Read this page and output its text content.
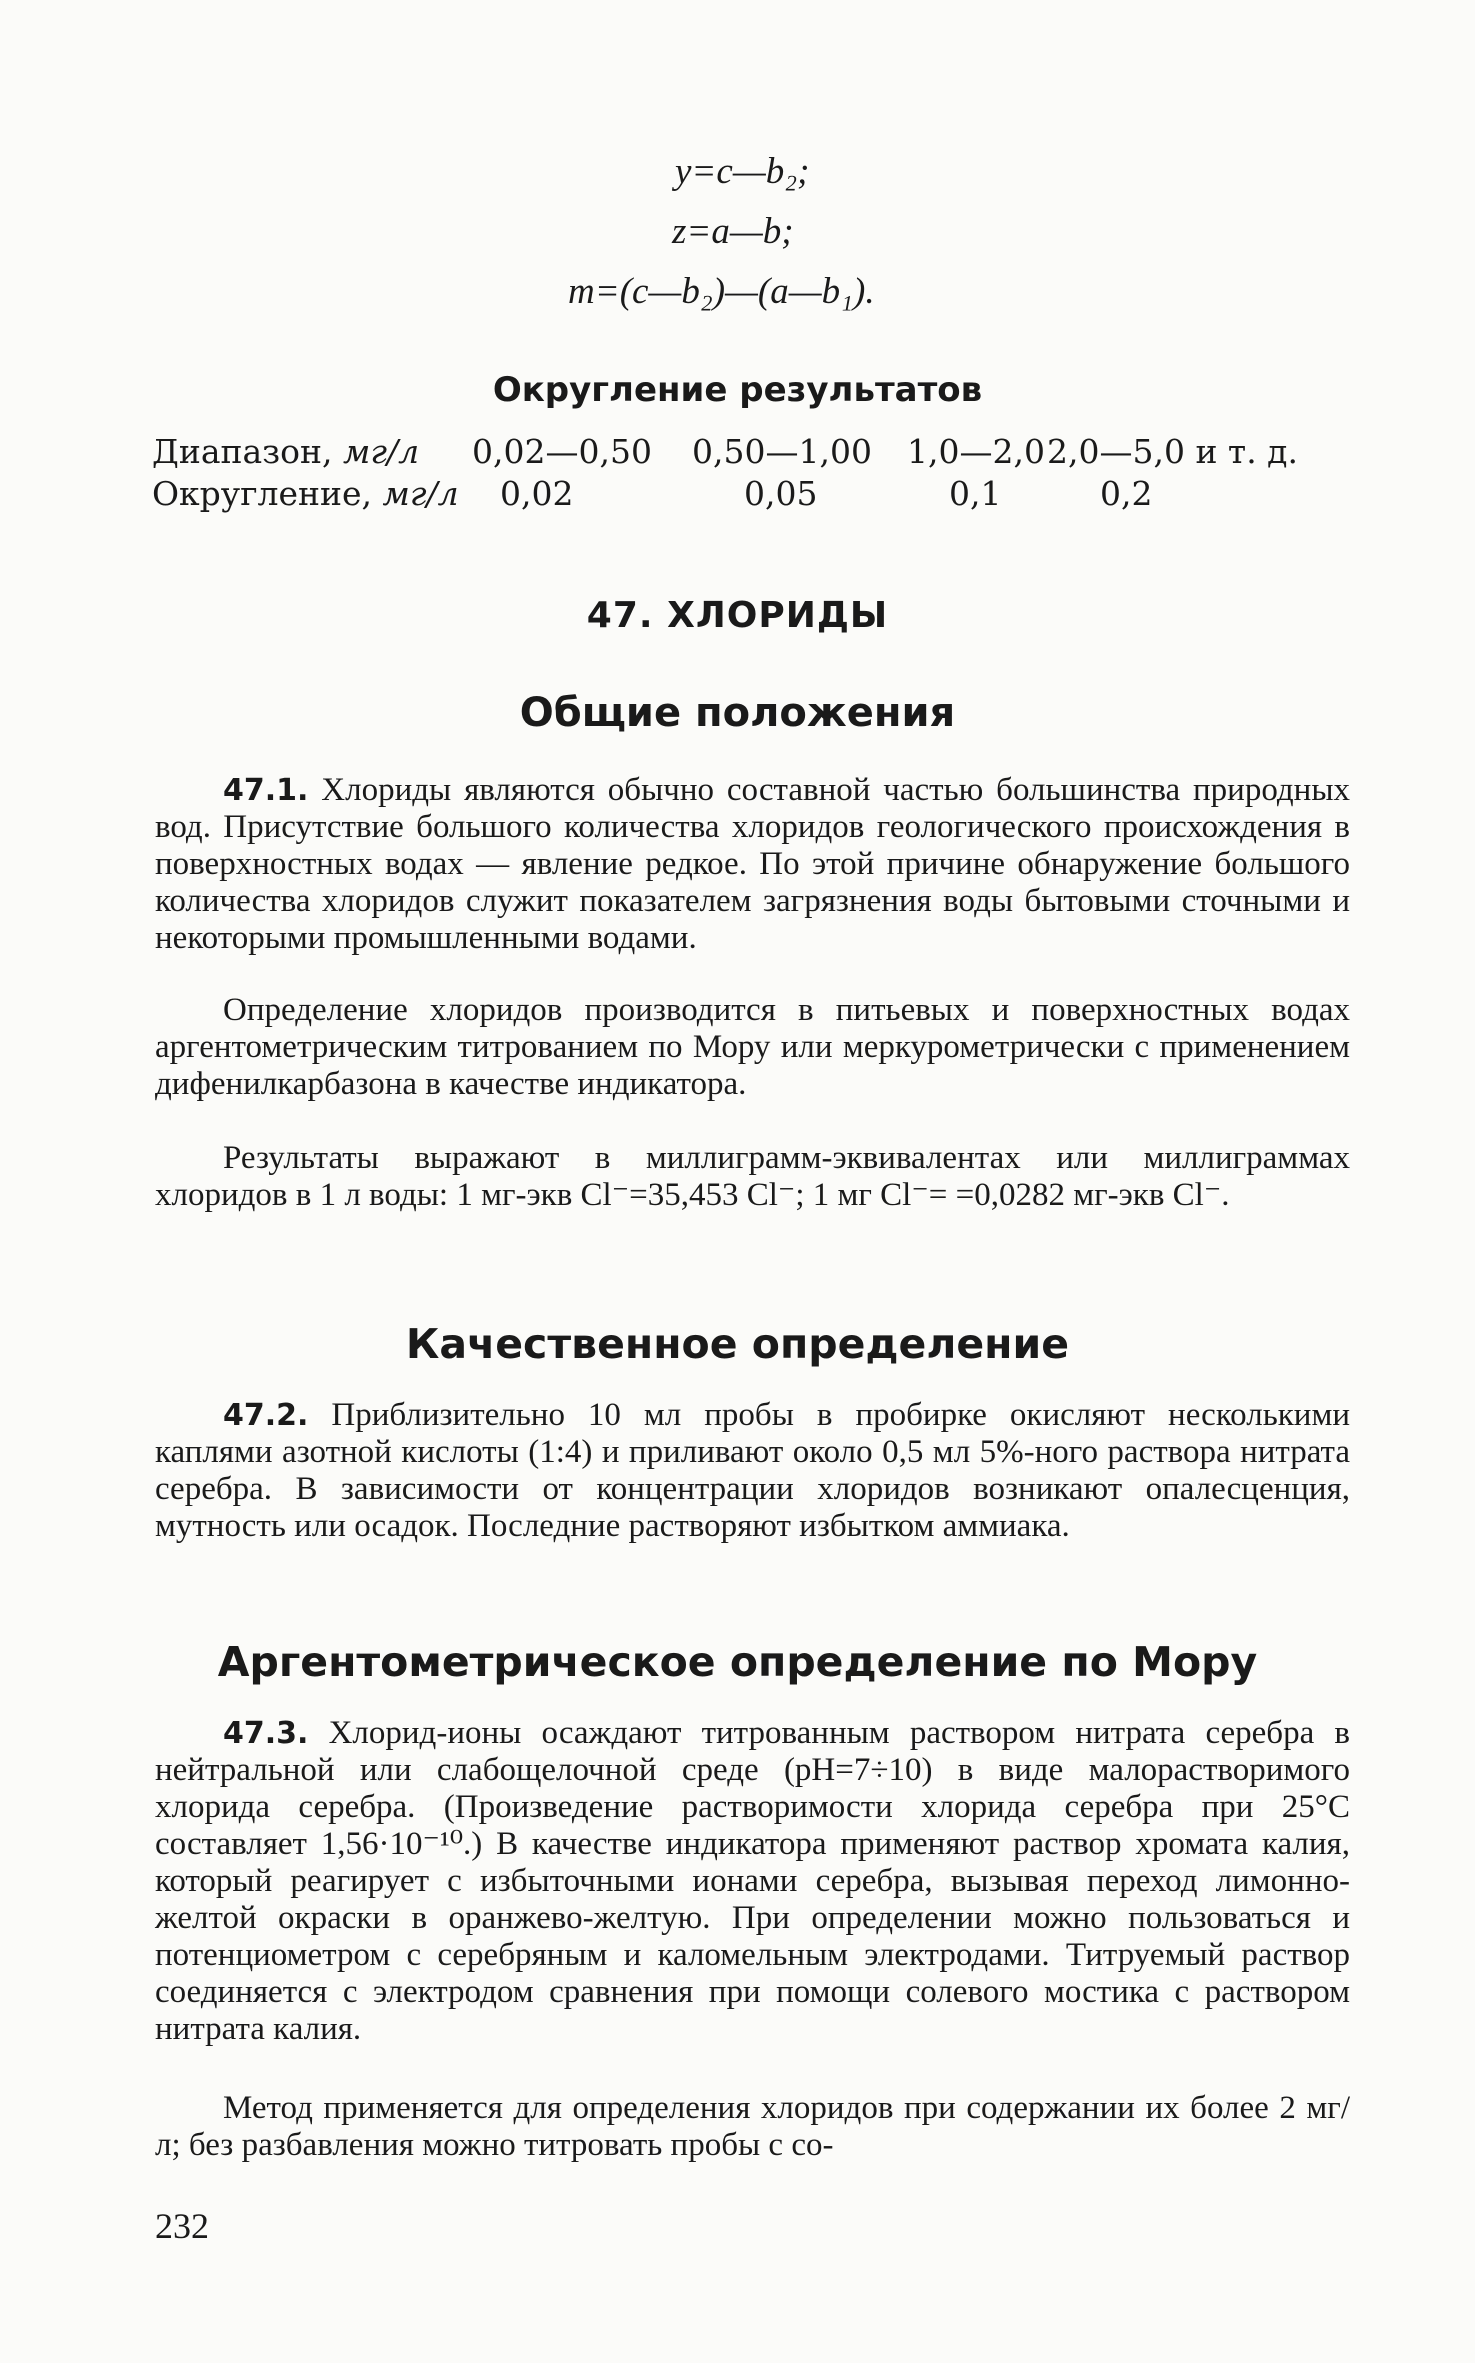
y=c—b₂;
z=a—b;
m=(c—b₂)—(a—b₁).
Округление результатов
Диапазон, мг/л 0,02—0,50 0,50—1,00 1,0—2,0 2,0—5,0 и т. д.
Округление, мг/л 0,02	0,05	0,1	0,2
47. ХЛОРИДЫ
Общие положения
47.1. Хлориды являются обычно составной частью большинства природных вод. Присутствие большого количества хлоридов геологического происхождения в поверхностных водах — явление редкое. По этой причине обнаружение большого количества хлоридов служит показателем загрязнения воды бытовыми сточными и некоторыми промышленными водами.
Определение хлоридов производится в питьевых и поверхностных водах аргентометрическим титрованием по Мору или меркурометрически с применением дифенилкарбазона в качестве индикатора.
Результаты выражают в миллиграмм-эквивалентах или миллиграммах хлоридов в 1 л воды: 1 мг-экв Cl⁻=35,453 Cl⁻; 1 мг Cl⁻= =0,0282 мг-экв Cl⁻.
Качественное определение
47.2. Приблизительно 10 мл пробы в пробирке окисляют несколькими каплями азотной кислоты (1:4) и приливают около 0,5 мл 5%-ного раствора нитрата серебра. В зависимости от концентрации хлоридов возникают опалесценция, мутность или осадок. Последние растворяют избытком аммиака.
Аргентометрическое определение по Мору
47.3. Хлорид-ионы осаждают титрованным раствором нитрата серебра в нейтральной или слабощелочной среде (pH=7÷10) в виде малорастворимого хлорида серебра. (Произведение растворимости хлорида серебра при 25°C составляет 1,56·10⁻¹⁰.) В качестве индикатора применяют раствор хромата калия, который реагирует с избыточными ионами серебра, вызывая переход лимонно-желтой окраски в оранжево-желтую. При определении можно пользоваться и потенциометром с серебряным и каломельным электродами. Титруемый раствор соединяется с электродом сравнения при помощи солевого мостика с раствором нитрата калия.
Метод применяется для определения хлоридов при содержании их более 2 мг/л; без разбавления можно титровать пробы с со-
232
